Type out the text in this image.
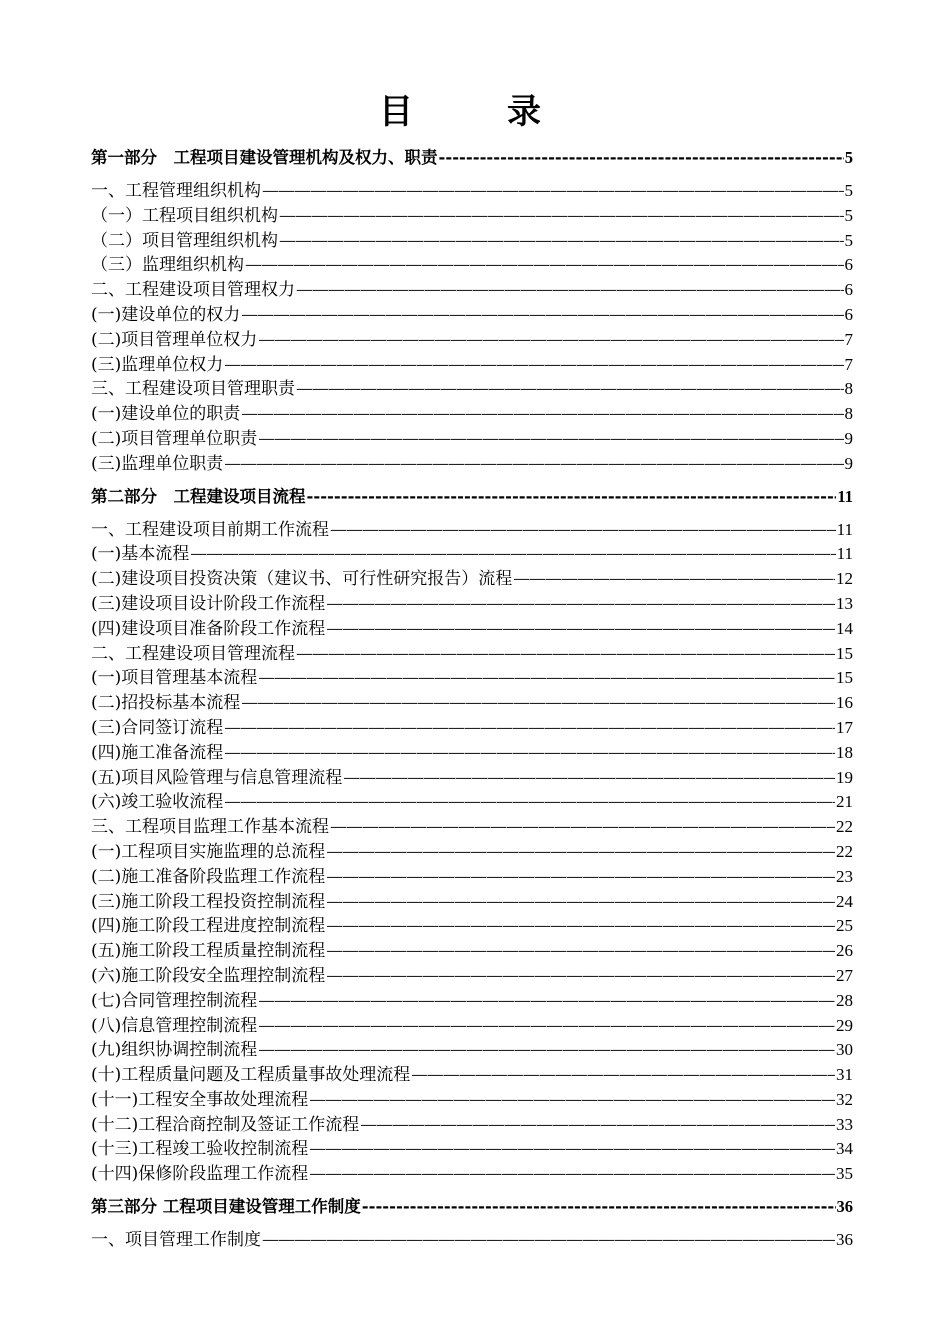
目　录
第一部分　工程项目建设管理机构及权力、职责 -----	5
一、工程管理组织机构 —————	5
（一）工程项目组织机构 —————	5
（二）项目管理组织机构 —————	5
（三）监理组织机构 —————	6
二、工程建设项目管理权力 —————	6
(一)建设单位的权力 —————	6
(二)项目管理单位权力 —————	7
(三)监理单位权力 —————	7
三、工程建设项目管理职责 —————	8
(一)建设单位的职责 —————	8
(二)项目管理单位职责 —————	9
(三)监理单位职责 —————	9
第二部分　工程建设项目流程 -----	11
一、工程建设项目前期工作流程 —————	11
(一)基本流程 —————	11
(二)建设项目投资决策（建议书、可行性研究报告）流程 —————	12
(三)建设项目设计阶段工作流程 —————	13
(四)建设项目准备阶段工作流程 —————	14
二、工程建设项目管理流程 —————	15
(一)项目管理基本流程 —————	15
(二)招投标基本流程 —————	16
(三)合同签订流程 —————	17
(四)施工准备流程 —————	18
(五)项目风险管理与信息管理流程 —————	19
(六)竣工验收流程 —————	21
三、工程项目监理工作基本流程 —————	22
(一)工程项目实施监理的总流程 —————	22
(二)施工准备阶段监理工作流程 —————	23
(三)施工阶段工程投资控制流程 —————	24
(四)施工阶段工程进度控制流程 —————	25
(五)施工阶段工程质量控制流程 —————	26
(六)施工阶段安全监理控制流程 —————	27
(七)合同管理控制流程 —————	28
(八)信息管理控制流程 —————	29
(九)组织协调控制流程 —————	30
(十)工程质量问题及工程质量事故处理流程 —————	31
(十一)工程安全事故处理流程 —————	32
(十二)工程洽商控制及签证工作流程 —————	33
(十三)工程竣工验收控制流程 —————	34
(十四)保修阶段监理工作流程 —————	35
第三部分 工程项目建设管理工作制度 -----	36
一、项目管理工作制度 —————	36
